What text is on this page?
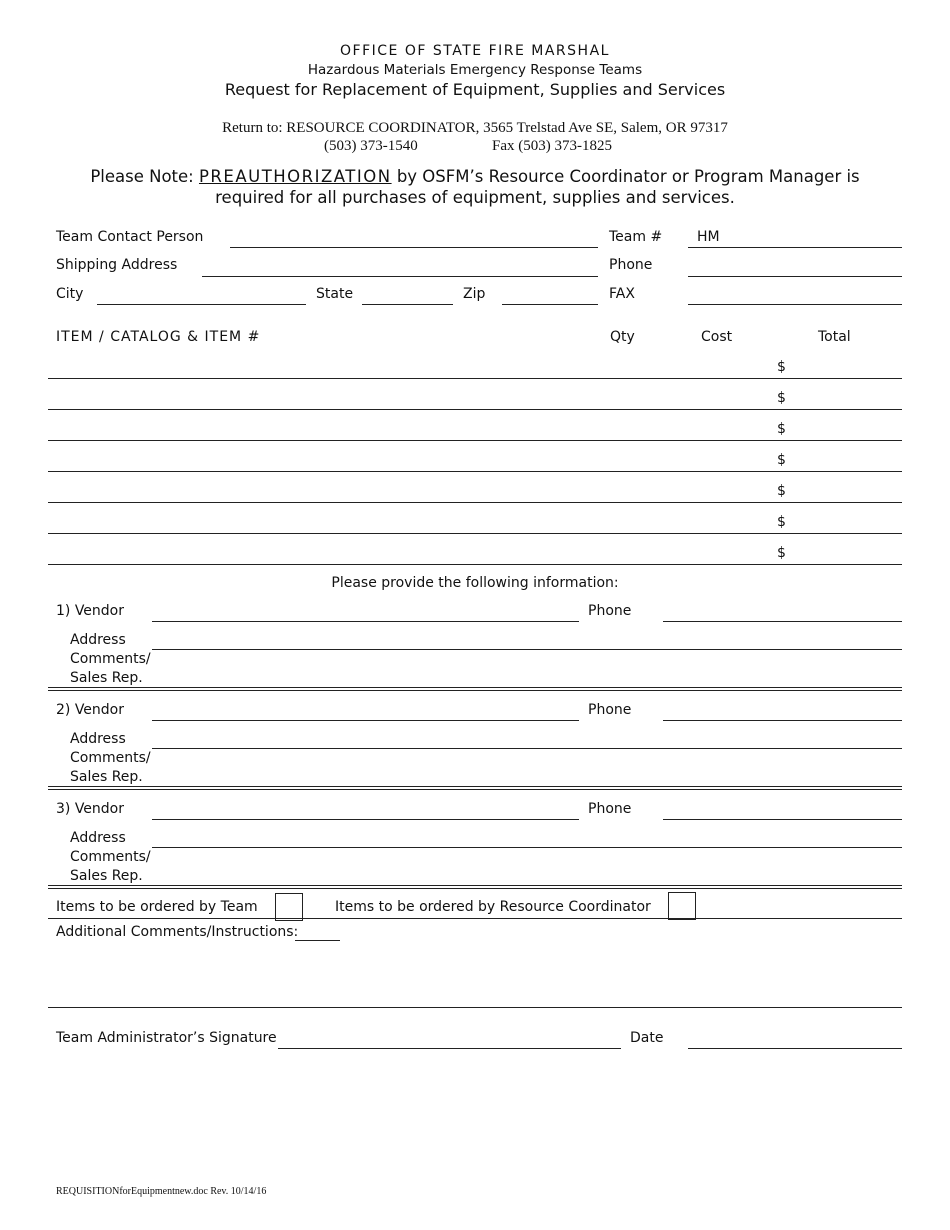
OFFICE OF STATE FIRE MARSHAL
Hazardous Materials Emergency Response Teams
Request for Replacement of Equipment, Supplies and Services
Return to: RESOURCE COORDINATOR, 3565 Trelstad Ave SE, Salem, OR 97317
(503) 373-1540	Fax (503) 373-1825
Please Note: PREAUTHORIZATION by OSFM’s Resource Coordinator or Program Manager is
required for all purchases of equipment, supplies and services.
Team Contact Person	Team # HM
Shipping Address	Phone
City	State	Zip	FAX
ITEM / CATALOG & ITEM #	Qty	Cost	Total
$
$
$
$
$
$
$
Please provide the following information:
1) Vendor	Phone
Address
Comments/
Sales Rep.
2) Vendor	Phone
Address
Comments/
Sales Rep.
3) Vendor	Phone
Address
Comments/
Sales Rep.
Items to be ordered by Team	Items to be ordered by Resource Coordinator
Additional Comments/Instructions:
Team Administrator’s Signature	Date
REQUISITIONforEquipmentnew.doc Rev. 10/14/16
